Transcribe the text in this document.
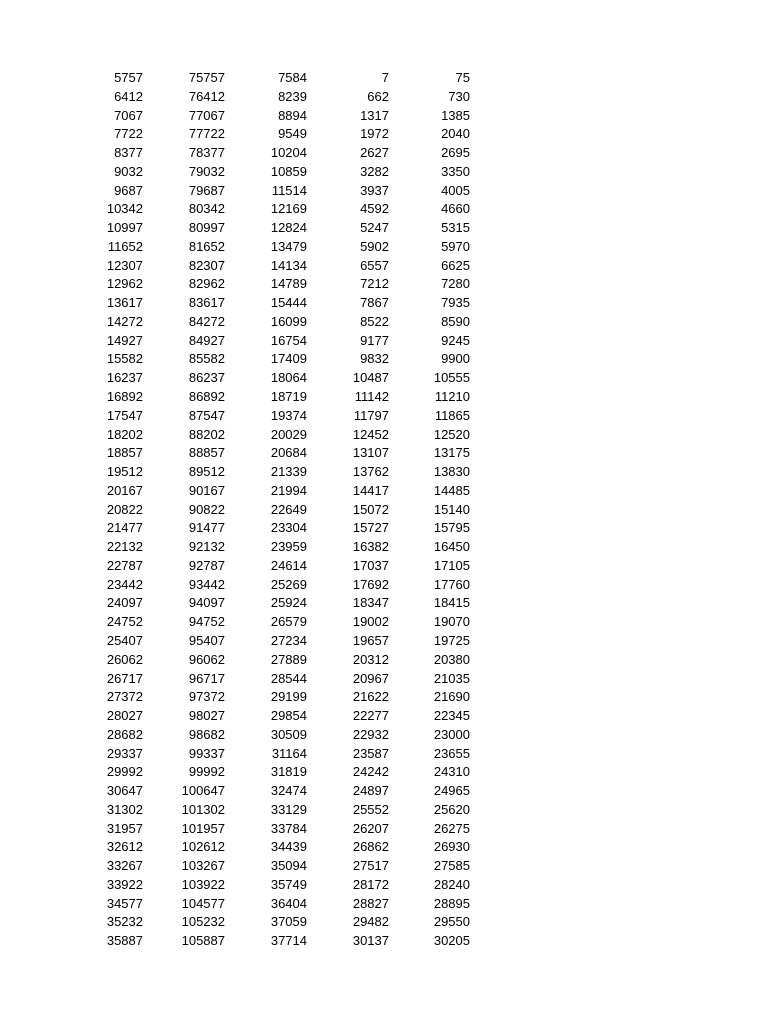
5757	75757	7584	7	75
6412	76412	8239	662	730
7067	77067	8894	1317	1385
7722	77722	9549	1972	2040
8377	78377	10204	2627	2695
9032	79032	10859	3282	3350
9687	79687	11514	3937	4005
10342	80342	12169	4592	4660
10997	80997	12824	5247	5315
11652	81652	13479	5902	5970
12307	82307	14134	6557	6625
12962	82962	14789	7212	7280
13617	83617	15444	7867	7935
14272	84272	16099	8522	8590
14927	84927	16754	9177	9245
15582	85582	17409	9832	9900
16237	86237	18064	10487	10555
16892	86892	18719	11142	11210
17547	87547	19374	11797	11865
18202	88202	20029	12452	12520
18857	88857	20684	13107	13175
19512	89512	21339	13762	13830
20167	90167	21994	14417	14485
20822	90822	22649	15072	15140
21477	91477	23304	15727	15795
22132	92132	23959	16382	16450
22787	92787	24614	17037	17105
23442	93442	25269	17692	17760
24097	94097	25924	18347	18415
24752	94752	26579	19002	19070
25407	95407	27234	19657	19725
26062	96062	27889	20312	20380
26717	96717	28544	20967	21035
27372	97372	29199	21622	21690
28027	98027	29854	22277	22345
28682	98682	30509	22932	23000
29337	99337	31164	23587	23655
29992	99992	31819	24242	24310
30647	100647	32474	24897	24965
31302	101302	33129	25552	25620
31957	101957	33784	26207	26275
32612	102612	34439	26862	26930
33267	103267	35094	27517	27585
33922	103922	35749	28172	28240
34577	104577	36404	28827	28895
35232	105232	37059	29482	29550
35887	105887	37714	30137	30205
